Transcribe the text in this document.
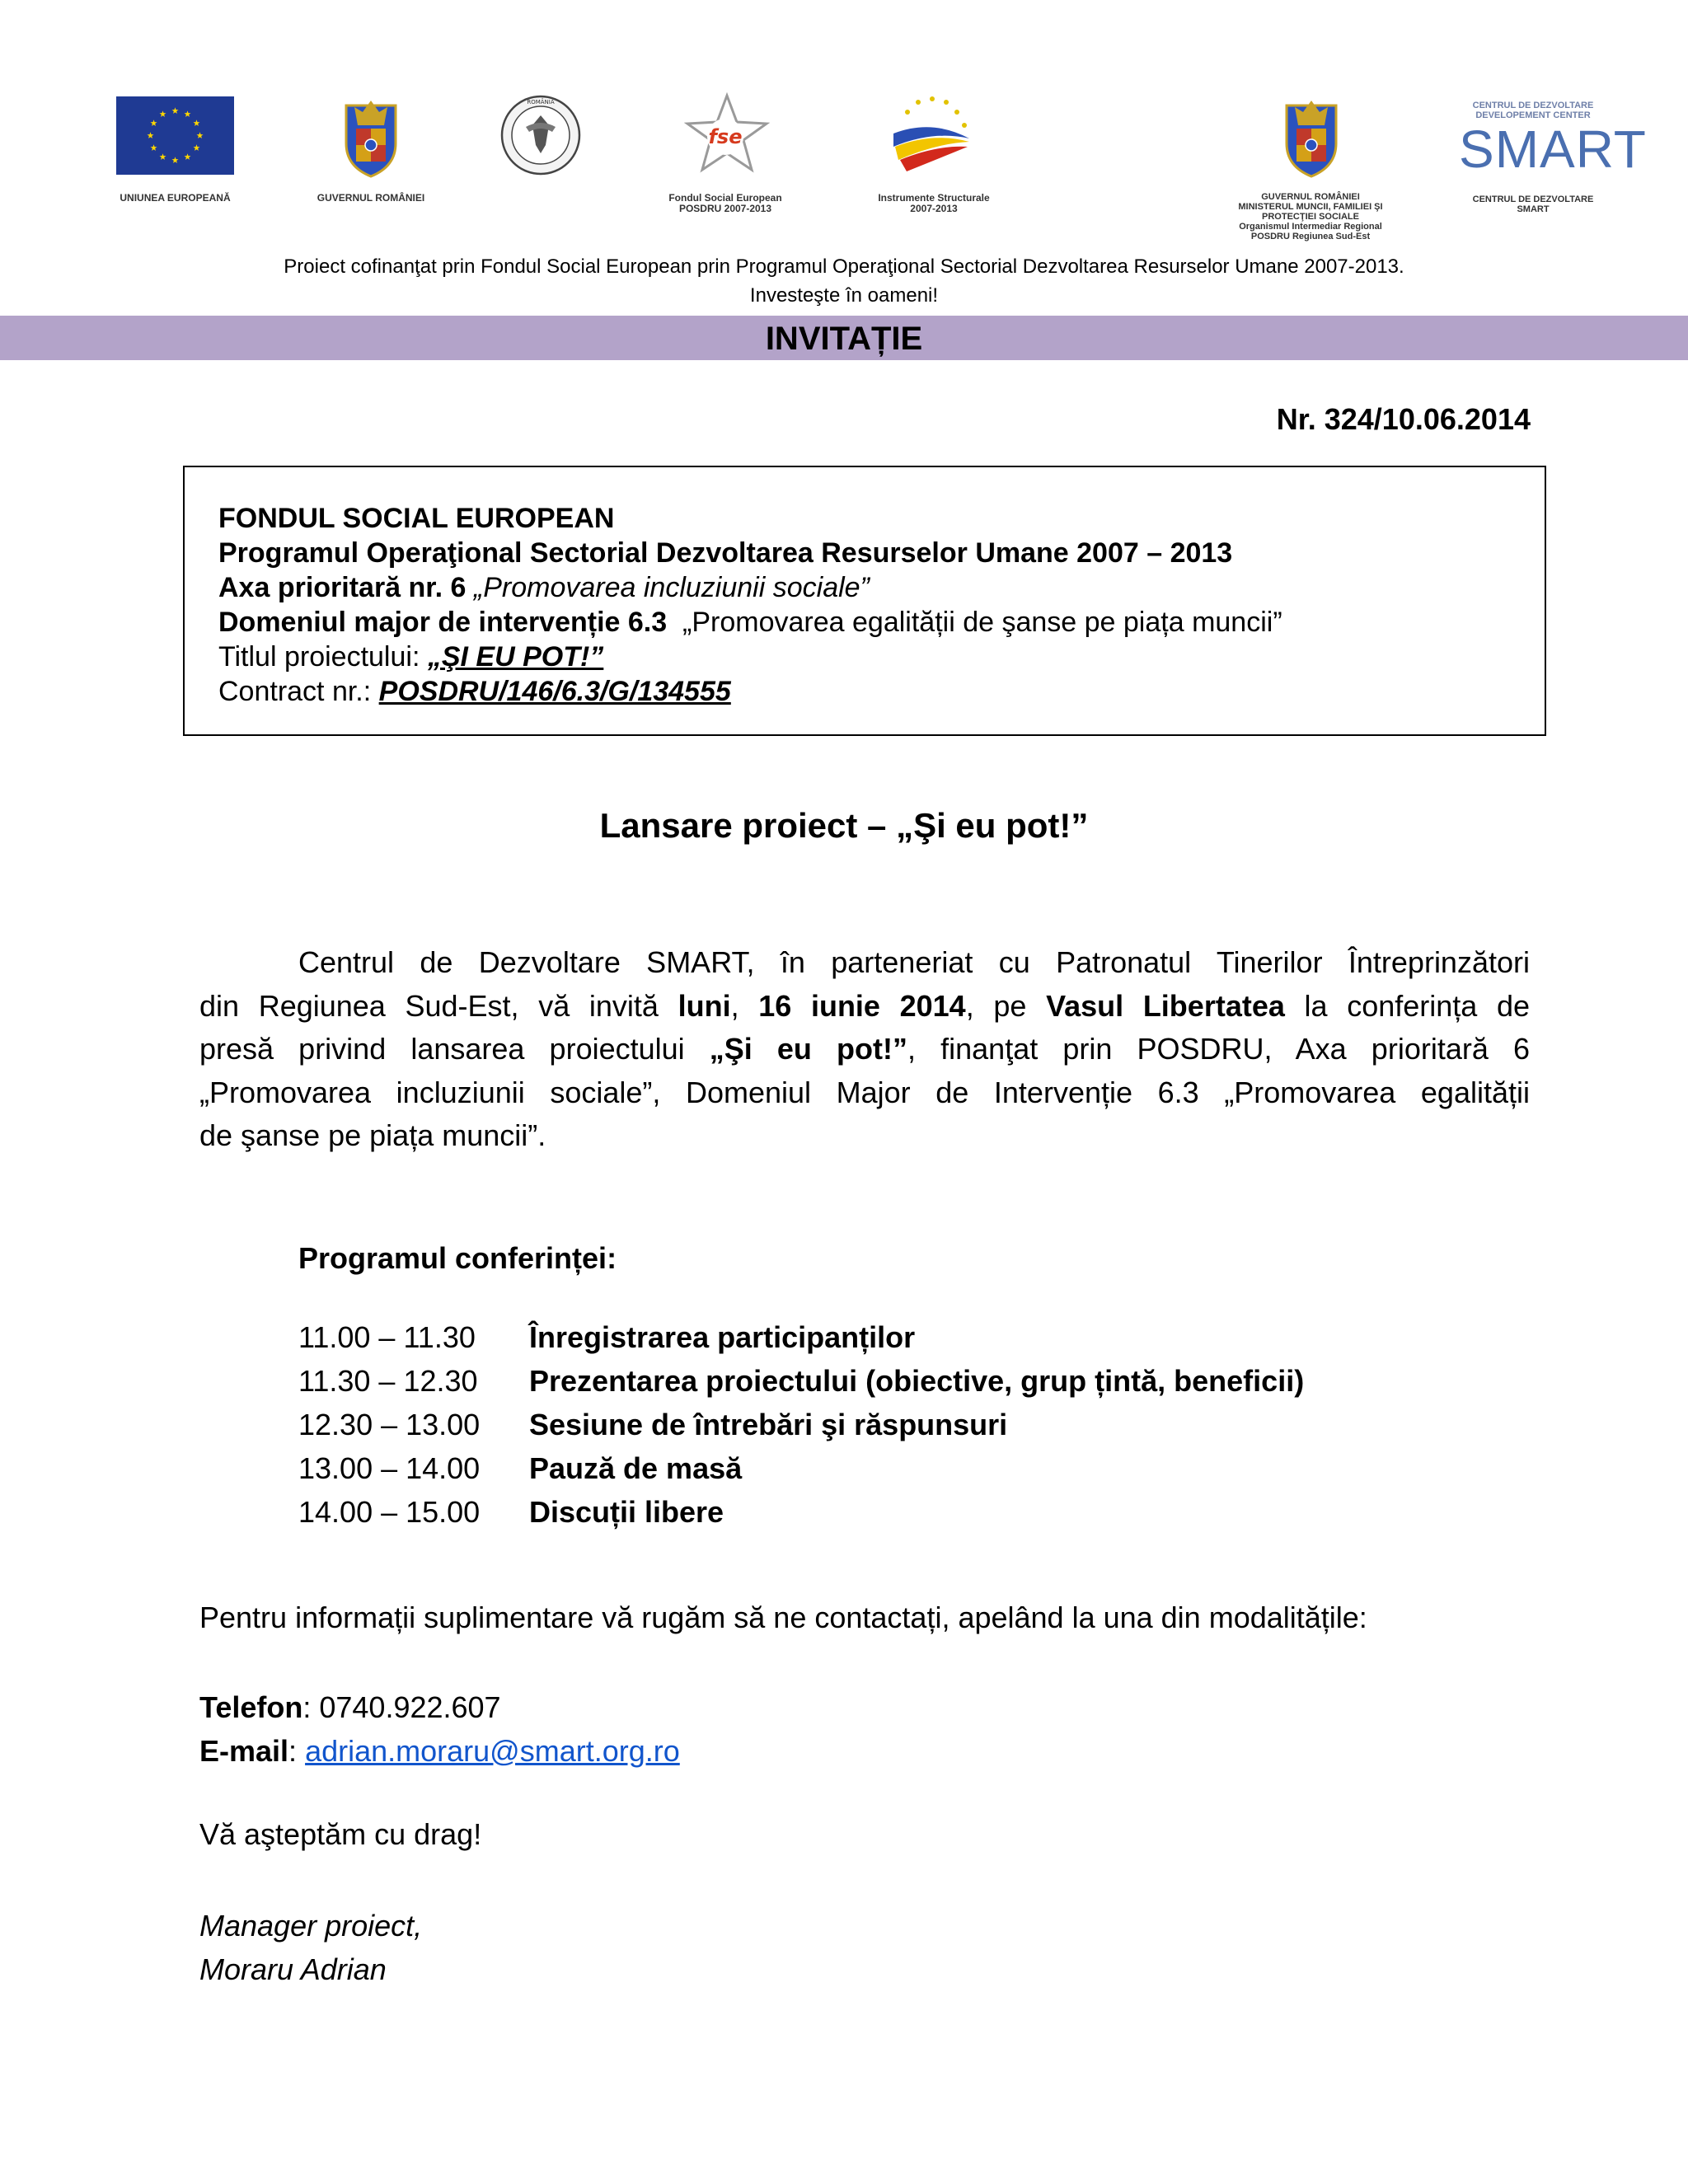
UNIUNEA EUROPEANĂ	GUVERNUL ROMÂNIEI
ROMÂNIA
fse
Fondul Social European
POSDRU 2007-2013
Instrumente Structurale
2007-2013
GUVERNUL ROMÂNIEI
MINISTERUL MUNCII, FAMILIEI ŞI
PROTECŢIEI SOCIALE
Organismul Intermediar Regional
POSDRU Regiunea Sud-Est
CENTRUL DE DEZVOLTARE
DEVELOPEMENT CENTER
SMART
CENTRUL DE DEZVOLTARE
SMART
Proiect cofinanţat prin Fondul Social European prin Programul Operaţional Sectorial Dezvoltarea Resurselor Umane 2007-2013.
Investeşte în oameni!
INVITAȚIE
Nr. 324/10.06.2014
FONDUL SOCIAL EUROPEAN
Programul Operaţional Sectorial Dezvoltarea Resurselor Umane 2007 – 2013
Axa prioritară nr. 6 „Promovarea incluziunii sociale”
Domeniul major de intervenție 6.3  „Promovarea egalității de şanse pe piața muncii”
Titlul proiectului: „ŞI EU POT!”
Contract nr.: POSDRU/146/6.3/G/134555
Lansare proiect – „Şi eu pot!”
Centrul de Dezvoltare SMART, în parteneriat cu Patronatul Tinerilor Întreprinzători
din Regiunea Sud-Est, vă invită luni, 16 iunie 2014, pe Vasul Libertatea la conferința de
presă privind lansarea proiectului „Şi eu pot!”, finanţat prin POSDRU, Axa prioritară 6
„Promovarea incluziunii sociale”, Domeniul Major de Intervenție 6.3 „Promovarea egalității
de şanse pe piața muncii”.
Programul conferinței:
11.00 – 11.30	Înregistrarea participanților
11.30 – 12.30	Prezentarea proiectului (obiective, grup țintă, beneficii)
12.30 – 13.00	Sesiune de întrebări şi răspunsuri
13.00 – 14.00	Pauză de masă
14.00 – 15.00	Discuții libere
Pentru informații suplimentare vă rugăm să ne contactați, apelând la una din modalitățile:
Telefon: 0740.922.607
E-mail: adrian.moraru@smart.org.ro
Vă aşteptăm cu drag!
Manager proiect,
Moraru Adrian
